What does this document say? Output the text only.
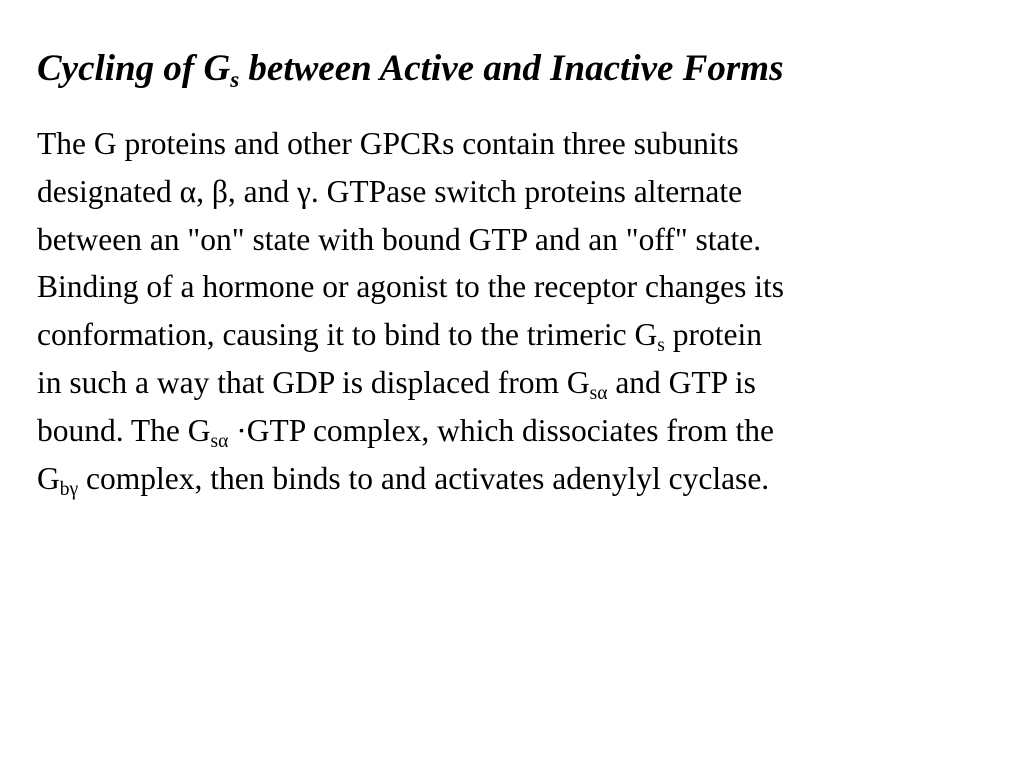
Cycling of $G_s$ between Active and Inactive Forms
The G proteins and other GPCRs contain three subunits
designated α, β, and γ. GTPase switch proteins alternate
between an "on" state with bound GTP and an "off" state.
Binding of a hormone or agonist to the receptor changes its
conformation, causing it to bind to the trimeric $G_s$ protein
in such a way that GDP is displaced from $G_{s\alpha}$ and GTP is
bound. The $G_{s\alpha} \cdot GTP$ complex, which dissociates from the
$G_{b\gamma}$ complex, then binds to and activates adenylyl cyclase.
